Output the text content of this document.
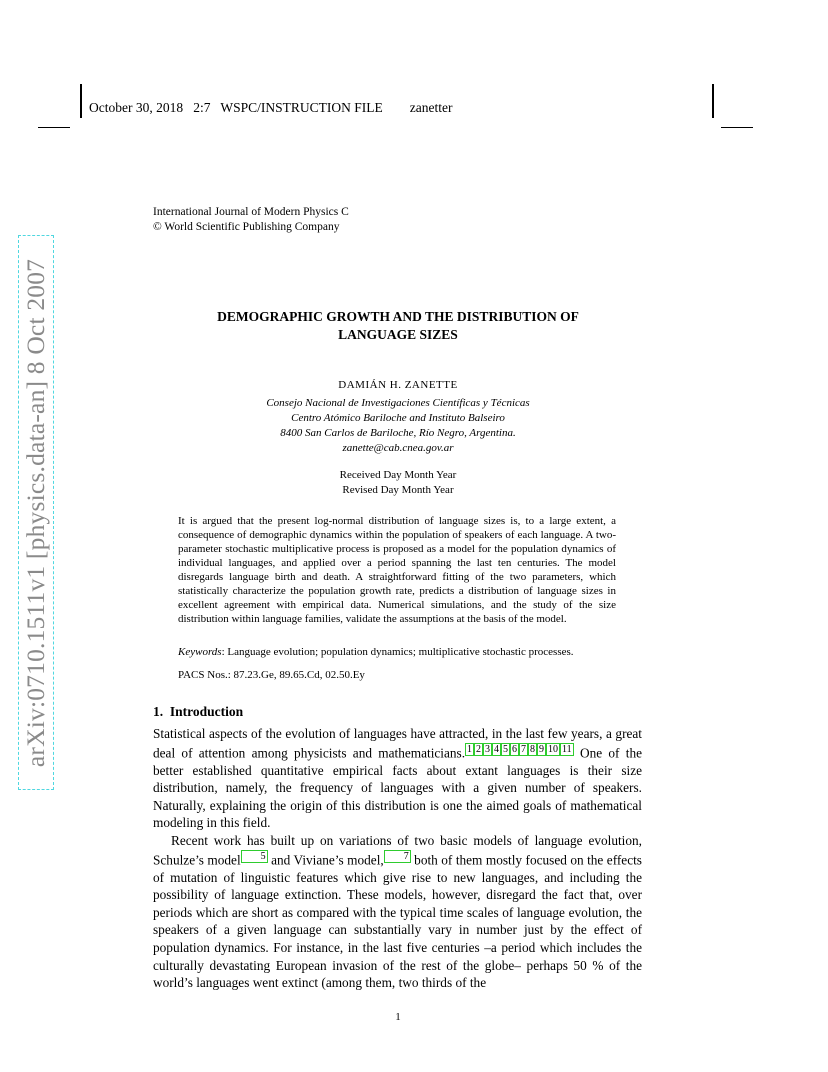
October 30, 2018 2:7 WSPC/INSTRUCTION FILE zanetter
arXiv:0710.1511v1 [physics.data-an] 8 Oct 2007
International Journal of Modern Physics C
© World Scientific Publishing Company
DEMOGRAPHIC GROWTH AND THE DISTRIBUTION OF
LANGUAGE SIZES
DAMIÁN H. ZANETTE
Consejo Nacional de Investigaciones Científicas y Técnicas
Centro Atómico Bariloche and Instituto Balseiro
8400 San Carlos de Bariloche, Río Negro, Argentina.
zanette@cab.cnea.gov.ar
Received Day Month Year
Revised Day Month Year
It is argued that the present log-normal distribution of language sizes is, to a large extent, a consequence of demographic dynamics within the population of speakers of each language. A two-parameter stochastic multiplicative process is proposed as a model for the population dynamics of individual languages, and applied over a period spanning the last ten centuries. The model disregards language birth and death. A straightforward fitting of the two parameters, which statistically characterize the population growth rate, predicts a distribution of language sizes in excellent agreement with empirical data. Numerical simulations, and the study of the size distribution within language families, validate the assumptions at the basis of the model.
Keywords: Language evolution; population dynamics; multiplicative stochastic processes.
PACS Nos.: 87.23.Ge, 89.65.Cd, 02.50.Ey
1. Introduction

Statistical aspects of the evolution of languages have attracted, in the last few years, a great deal of attention among physicists and mathematicians. 1 2 3 4 5 6 7 8 9 10 11 One of the better established quantitative empirical facts about extant languages is their size distribution, namely, the frequency of languages with a given number of speakers. Naturally, explaining the origin of this distribution is one the aimed goals of mathematical modeling in this field.

Recent work has built up on variations of two basic models of language evolution, Schulze’s model 5 and Viviane’s model, 7 both of them mostly focused on the effects of mutation of linguistic features which give rise to new languages, and including the possibility of language extinction. These models, however, disregard the fact that, over periods which are short as compared with the typical time scales of language evolution, the speakers of a given language can substantially vary in number just by the effect of population dynamics. For instance, in the last five centuries –a period which includes the culturally devastating European invasion of the rest of the globe– perhaps 50 % of the world’s languages went extinct (among them, two thirds of the

1
